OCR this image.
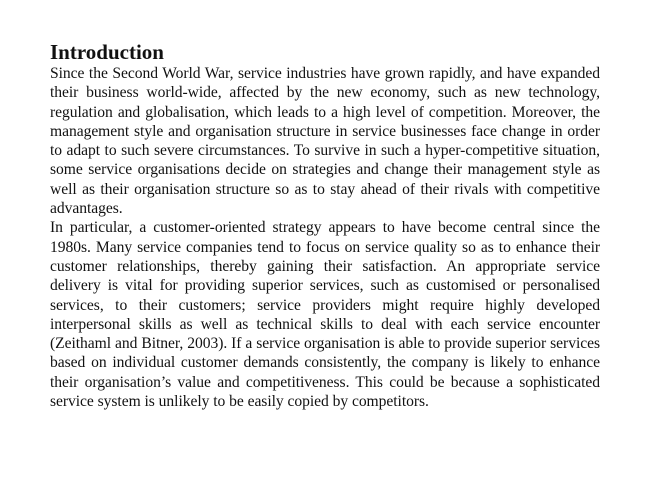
Introduction

Since the Second World War, service industries have grown rapidly, and have expanded their business world-wide, affected by the new economy, such as new technology, regulation and globalisation, which leads to a high level of competition. Moreover, the management style and organisation structure in service businesses face change in order to adapt to such severe circumstances. To survive in such a hyper-competitive situation, some service organisations decide on strategies and change their management style as well as their organisation structure so as to stay ahead of their rivals with competitive advantages.

In particular, a customer-oriented strategy appears to have become central since the 1980s. Many service companies tend to focus on service quality so as to enhance their customer relationships, thereby gaining their satisfaction. An appropriate service delivery is vital for providing superior services, such as customised or personalised services, to their customers; service providers might require highly developed interpersonal skills as well as technical skills to deal with each service encounter (Zeithaml and Bitner, 2003). If a service organisation is able to provide superior services based on individual customer demands consistently, the company is likely to enhance their organisation’s value and competitiveness. This could be because a sophisticated service system is unlikely to be easily copied by competitors.
